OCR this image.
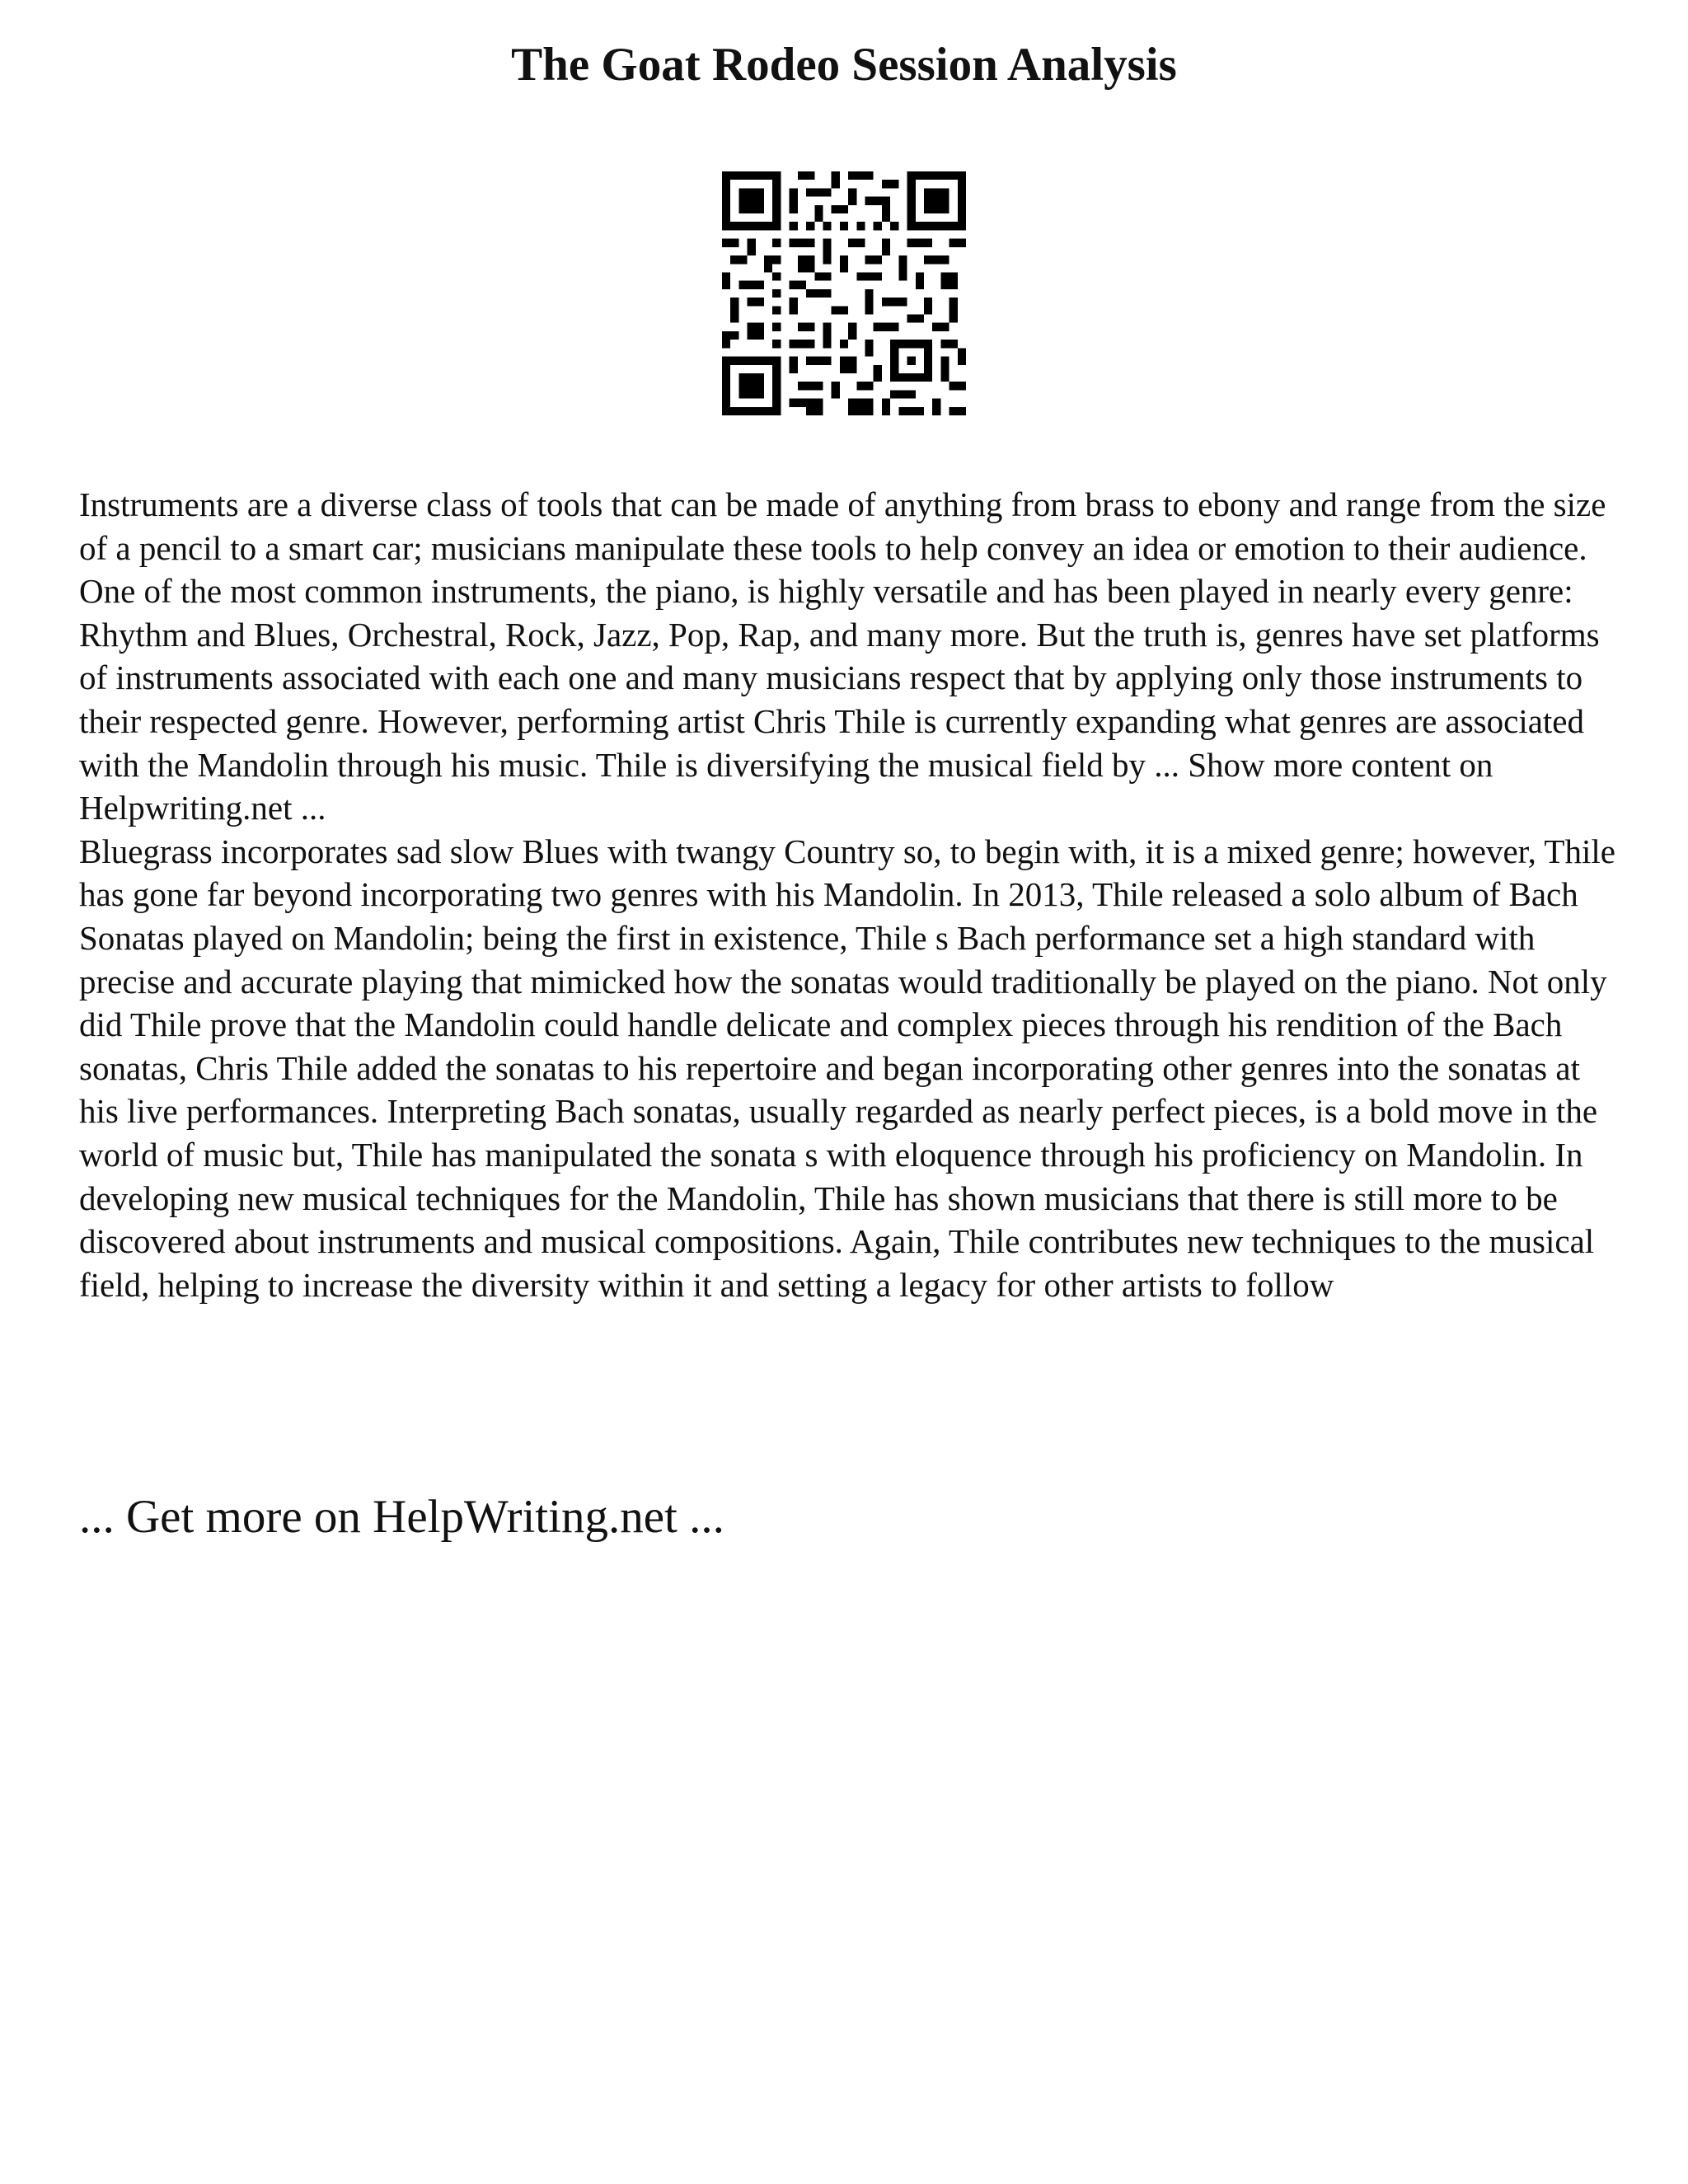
The Goat Rodeo Session Analysis

Instruments are a diverse class of tools that can be made of anything from brass to ebony and range from the size of a pencil to a smart car; musicians manipulate these tools to help convey an idea or emotion to their audience. One of the most common instruments, the piano, is highly versatile and has been played in nearly every genre: Rhythm and Blues, Orchestral, Rock, Jazz, Pop, Rap, and many more. But the truth is, genres have set platforms of instruments associated with each one and many musicians respect that by applying only those instruments to their respected genre. However, performing artist Chris Thile is currently expanding what genres are associated with the Mandolin through his music. Thile is diversifying the musical field by ... Show more content on Helpwriting.net ...

Bluegrass incorporates sad slow Blues with twangy Country so, to begin with, it is a mixed genre; however, Thile has gone far beyond incorporating two genres with his Mandolin. In 2013, Thile released a solo album of Bach Sonatas played on Mandolin; being the first in existence, Thile s Bach performance set a high standard with precise and accurate playing that mimicked how the sonatas would traditionally be played on the piano. Not only did Thile prove that the Mandolin could handle delicate and complex pieces through his rendition of the Bach sonatas, Chris Thile added the sonatas to his repertoire and began incorporating other genres into the sonatas at his live performances. Interpreting Bach sonatas, usually regarded as nearly perfect pieces, is a bold move in the world of music but, Thile has manipulated the sonata s with eloquence through his proficiency on Mandolin. In developing new musical techniques for the Mandolin, Thile has shown musicians that there is still more to be discovered about instruments and musical compositions. Again, Thile contributes new techniques to the musical field, helping to increase the diversity within it and setting a legacy for other artists to follow

... Get more on HelpWriting.net ...
